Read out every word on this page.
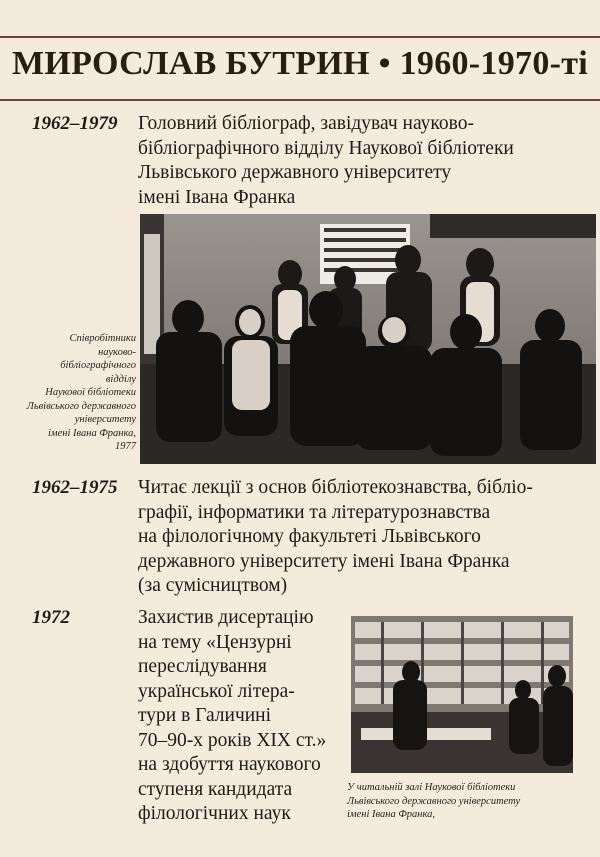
МИРОСЛАВ БУТРИН • 1960-1970-ті
1962–1979 Головний бібліограф, завідувач науково-
бібліографічного відділу Наукової бібліотеки
Львівського державного університету
імені Івана Франка
Співробітники
науково-
бібліографічного
відділу
Наукової бібліотеки
Львівського державного
університету
імені Івана Франка,
1977
1962–1975 Читає лекції з основ бібліотекознавства, бібліо-
графії, інформатики та літературознавства
на філологічному факультеті Львівського
державного університету імені Івана Франка
(за сумісництвом)
1972	Захистив дисертацію
на тему «Цензурні
переслідування
української літера-
тури в Галичині
70–90-х років XIX ст.»
на здобуття наукового
ступеня кандидата
філологічних наук
У читальній залі Наукової бібліотеки
Львівського державного університету
імені Івана Франка,
